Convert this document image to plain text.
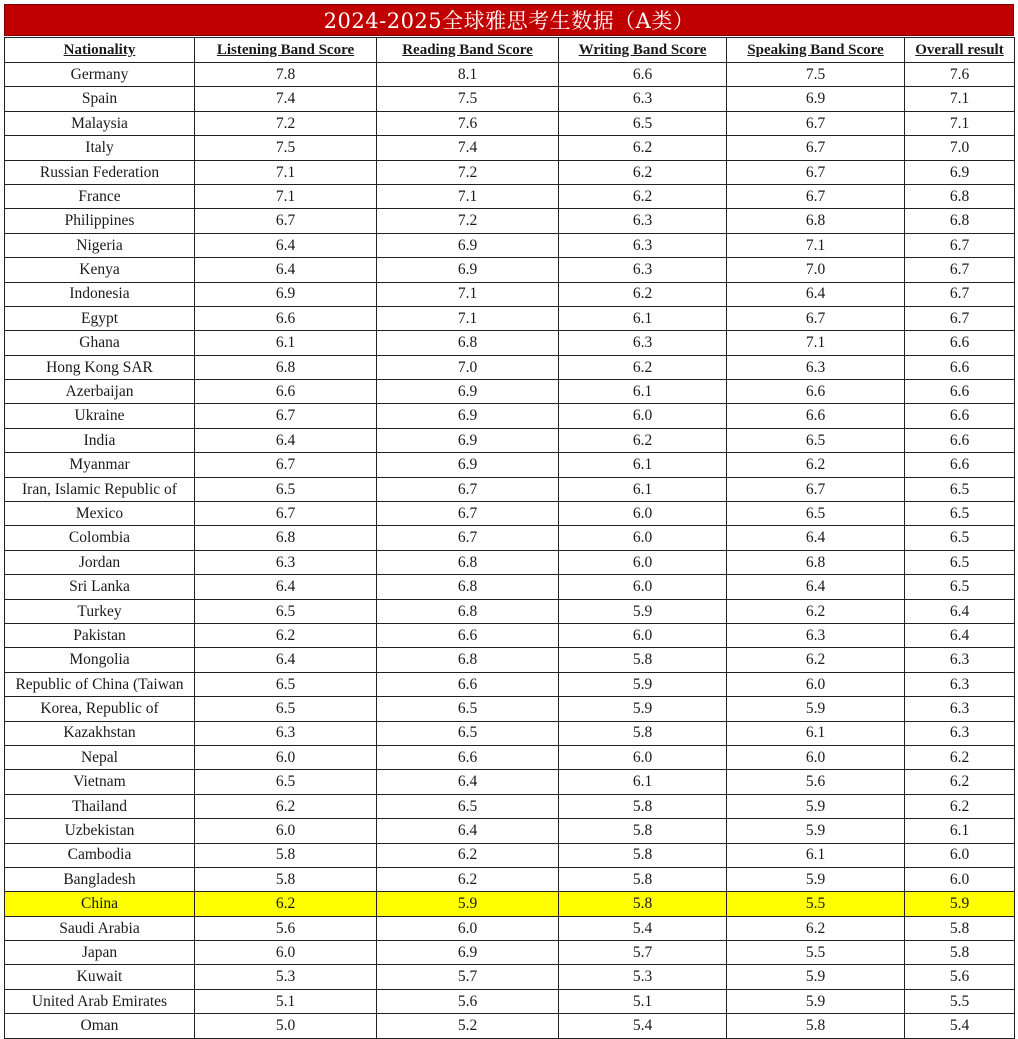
2024-2025全球雅思考生数据（A类）
Nationality	Listening Band Score	Reading Band Score	Writing Band Score	Speaking Band Score	Overall result
Germany	7.8	8.1	6.6	7.5	7.6
Spain	7.4	7.5	6.3	6.9	7.1
Malaysia	7.2	7.6	6.5	6.7	7.1
Italy	7.5	7.4	6.2	6.7	7.0
Russian Federation	7.1	7.2	6.2	6.7	6.9
France	7.1	7.1	6.2	6.7	6.8
Philippines	6.7	7.2	6.3	6.8	6.8
Nigeria	6.4	6.9	6.3	7.1	6.7
Kenya	6.4	6.9	6.3	7.0	6.7
Indonesia	6.9	7.1	6.2	6.4	6.7
Egypt	6.6	7.1	6.1	6.7	6.7
Ghana	6.1	6.8	6.3	7.1	6.6
Hong Kong SAR	6.8	7.0	6.2	6.3	6.6
Azerbaijan	6.6	6.9	6.1	6.6	6.6
Ukraine	6.7	6.9	6.0	6.6	6.6
India	6.4	6.9	6.2	6.5	6.6
Myanmar	6.7	6.9	6.1	6.2	6.6
Iran, Islamic Republic of	6.5	6.7	6.1	6.7	6.5
Mexico	6.7	6.7	6.0	6.5	6.5
Colombia	6.8	6.7	6.0	6.4	6.5
Jordan	6.3	6.8	6.0	6.8	6.5
Sri Lanka	6.4	6.8	6.0	6.4	6.5
Turkey	6.5	6.8	5.9	6.2	6.4
Pakistan	6.2	6.6	6.0	6.3	6.4
Mongolia	6.4	6.8	5.8	6.2	6.3
Republic of China (Taiwan	6.5	6.6	5.9	6.0	6.3
Korea, Republic of	6.5	6.5	5.9	5.9	6.3
Kazakhstan	6.3	6.5	5.8	6.1	6.3
Nepal	6.0	6.6	6.0	6.0	6.2
Vietnam	6.5	6.4	6.1	5.6	6.2
Thailand	6.2	6.5	5.8	5.9	6.2
Uzbekistan	6.0	6.4	5.8	5.9	6.1
Cambodia	5.8	6.2	5.8	6.1	6.0
Bangladesh	5.8	6.2	5.8	5.9	6.0
China	6.2	5.9	5.8	5.5	5.9
Saudi Arabia	5.6	6.0	5.4	6.2	5.8
Japan	6.0	6.9	5.7	5.5	5.8
Kuwait	5.3	5.7	5.3	5.9	5.6
United Arab Emirates	5.1	5.6	5.1	5.9	5.5
Oman	5.0	5.2	5.4	5.8	5.4
